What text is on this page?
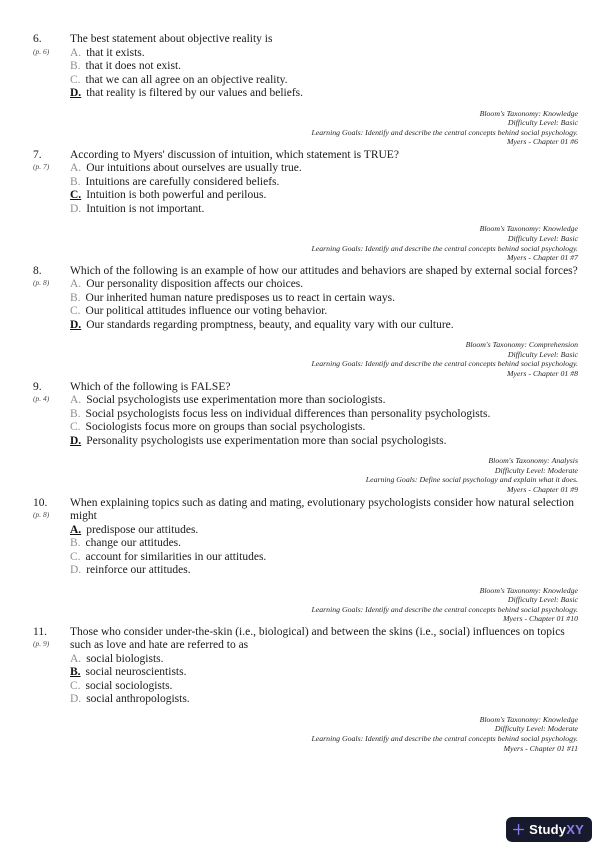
6.
(p. 6)
The best statement about objective reality is
A. that it exists.
B. that it does not exist.
C. that we can all agree on an objective reality.
D. that reality is filtered by our values and beliefs.
Bloom's Taxonomy: Knowledge
Difficulty Level: Basic
Learning Goals: Identify and describe the central concepts behind social psychology.
Myers - Chapter 01 #6
7.
(p. 7)
According to Myers' discussion of intuition, which statement is TRUE?
A. Our intuitions about ourselves are usually true.
B. Intuitions are carefully considered beliefs.
C. Intuition is both powerful and perilous.
D. Intuition is not important.
Bloom's Taxonomy: Knowledge
Difficulty Level: Basic
Learning Goals: Identify and describe the central concepts behind social psychology.
Myers - Chapter 01 #7
8.
(p. 8)
Which of the following is an example of how our attitudes and behaviors are shaped by external social forces?
A. Our personality disposition affects our choices.
B. Our inherited human nature predisposes us to react in certain ways.
C. Our political attitudes influence our voting behavior.
D. Our standards regarding promptness, beauty, and equality vary with our culture.
Bloom's Taxonomy: Comprehension
Difficulty Level: Basic
Learning Goals: Identify and describe the central concepts behind social psychology.
Myers - Chapter 01 #8
9.
(p. 4)
Which of the following is FALSE?
A. Social psychologists use experimentation more than sociologists.
B. Social psychologists focus less on individual differences than personality psychologists.
C. Sociologists focus more on groups than social psychologists.
D. Personality psychologists use experimentation more than social psychologists.
Bloom's Taxonomy: Analysis
Difficulty Level: Moderate
Learning Goals: Define social psychology and explain what it does.
Myers - Chapter 01 #9
10.
(p. 8)
When explaining topics such as dating and mating, evolutionary psychologists consider how natural selection might
A. predispose our attitudes.
B. change our attitudes.
C. account for similarities in our attitudes.
D. reinforce our attitudes.
Bloom's Taxonomy: Knowledge
Difficulty Level: Basic
Learning Goals: Identify and describe the central concepts behind social psychology.
Myers - Chapter 01 #10
11.
(p. 9)
Those who consider under-the-skin (i.e., biological) and between the skins (i.e., social) influences on topics such as love and hate are referred to as
A. social biologists.
B. social neuroscientists.
C. social sociologists.
D. social anthropologists.
Bloom's Taxonomy: Knowledge
Difficulty Level: Moderate
Learning Goals: Identify and describe the central concepts behind social psychology.
Myers - Chapter 01 #11
StudyXY
